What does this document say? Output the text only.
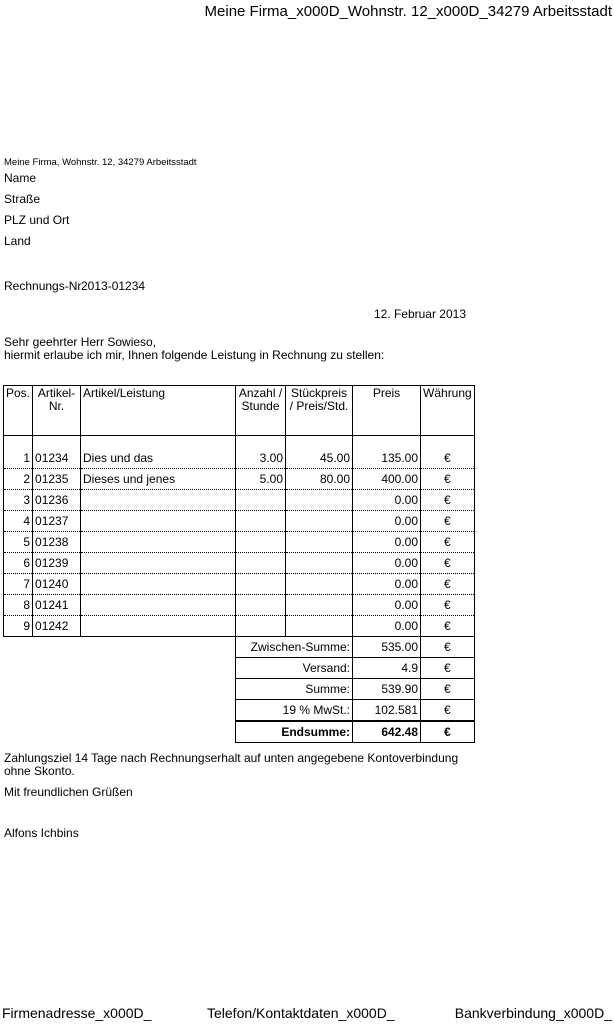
Meine Firma_x000D_Wohnstr. 12_x000D_34279 Arbeitsstadt
Meine Firma, Wohnstr. 12, 34279 Arbeitsstadt
Name
Straße
PLZ und Ort
Land
Rechnungs-Nr 2013-01234
12. Februar 2013
Sehr geehrter Herr Sowieso,
hiermit erlaube ich mir, Ihnen folgende Leistung in Rechnung zu stellen:
Pos.	Artikel-Nr.	Artikel/Leistung	Anzahl / Stunde	Stückpreis / Preis/Std.	Preis	Währung

1	01234	Dies und das	3.00	45.00	135.00	€
2	01235	Dieses und jenes	5.00	80.00	400.00	€
3	01236				0.00	€
4	01237				0.00	€
5	01238				0.00	€
6	01239				0.00	€
7	01240				0.00	€
8	01241				0.00	€
9	01242				0.00	€
			Zwischen-Summe:		535.00	€
			Versand:		4.9	€
			Summe:		539.90	€
			19 % MwSt.:		102.581	€
			Endsumme:		642.48	€
Zahlungsziel 14 Tage nach Rechnungserhalt auf unten angegebene Kontoverbindung
ohne Skonto.
Mit freundlichen Grüßen
Alfons Ichbins
Firmenadresse_x000D_	Telefon/Kontaktdaten_x000D_	Bankverbindung_x000D_
